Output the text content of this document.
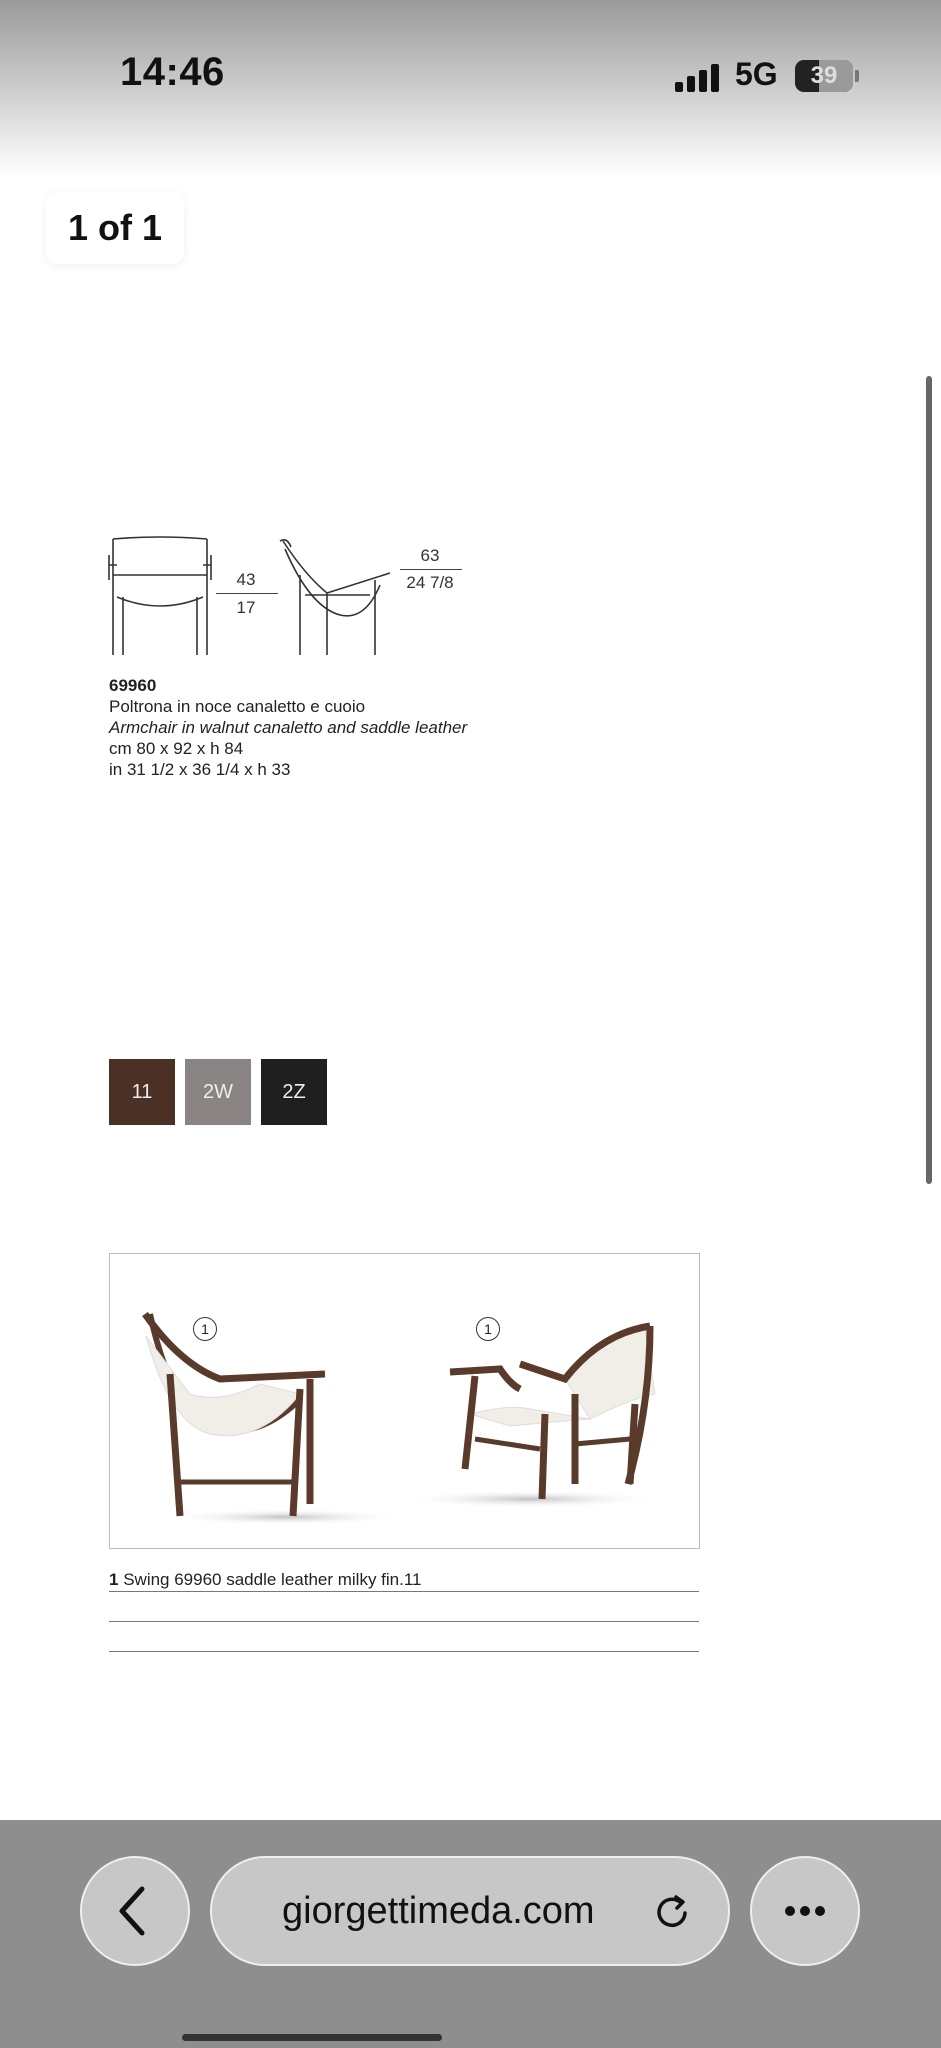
14:46	5G	39
1 of 1
43
17
63
24 7/8
69960
Poltrona in noce canaletto e cuoio
Armchair in walnut canaletto and saddle leather
cm 80 x 92 x h 84
in 31 1/2 x 36 1/4 x h 33
11	2W	2Z
1	1
1 Swing 69960 saddle leather milky fin.11
giorgettimeda.com
